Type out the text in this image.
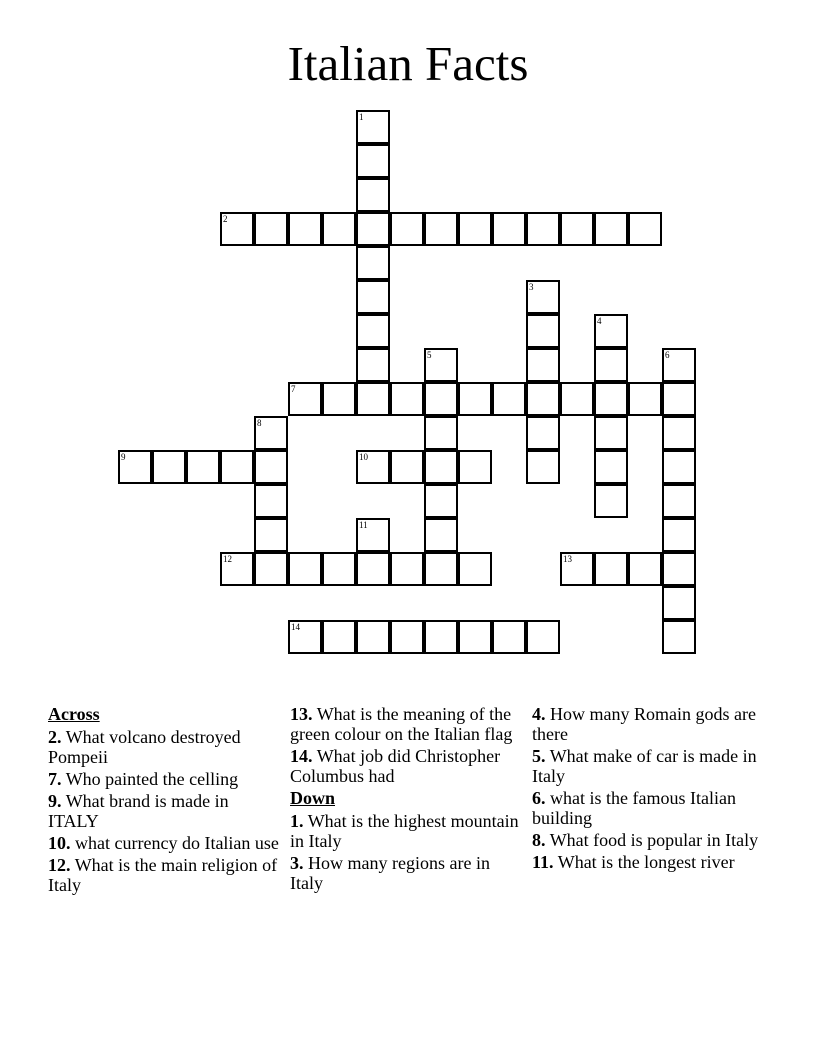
Italian Facts
1
2
3
4
5	6
7
8
9	10
11
12	13
14
Across
2. What volcano destroyed Pompeii
7. Who painted the celling
9. What brand is made in ITALY
10. what currency do Italian use
12. What is the main religion of Italy
13. What is the meaning of the green colour on the Italian flag
14. What job did Christopher Columbus had
Down
1. What is the highest mountain in Italy
3. How many regions are in Italy
4. How many Romain gods are there
5. What make of car is made in Italy
6. what is the famous Italian building
8. What food is popular in Italy
11. What is the longest river
